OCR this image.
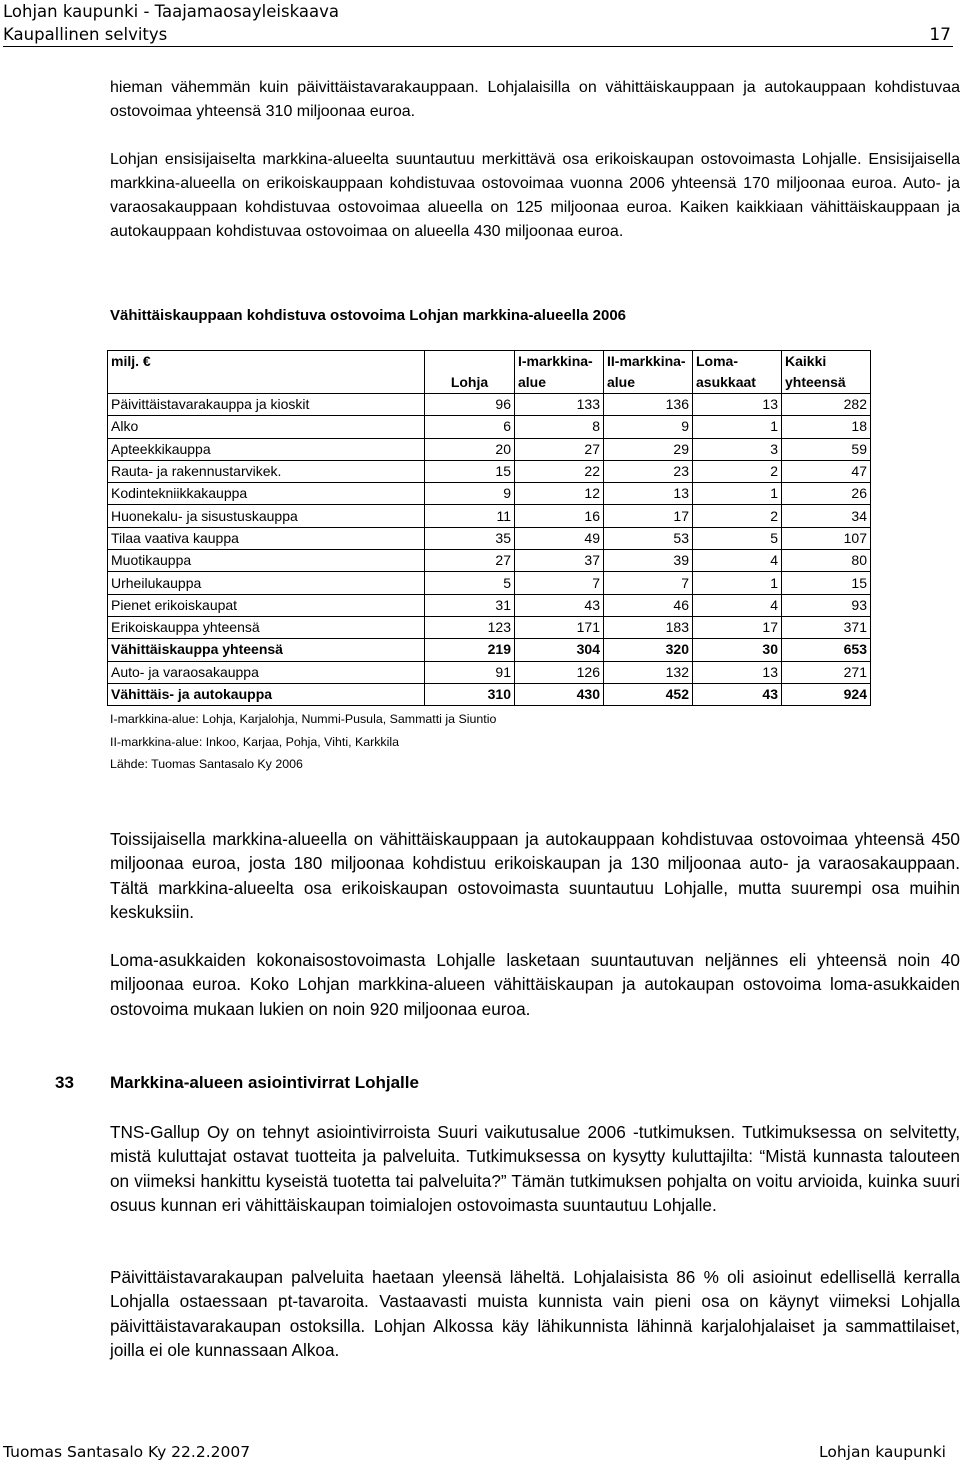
Lohjan kaupunki - Taajamaosayleiskaava
Kaupallinen selvitys	17

hieman vähemmän kuin päivittäistavarakauppaan. Lohjalaisilla on vähittäiskauppaan ja autokauppaan kohdistuvaa ostovoimaa yhteensä 310 miljoonaa euroa.

Lohjan ensisijaiselta markkina-alueelta suuntautuu merkittävä osa erikoiskaupan ostovoimasta Lohjalle. Ensisijaisella markkina-alueella on erikoiskauppaan kohdistuvaa ostovoimaa vuonna 2006 yhteensä 170 miljoonaa euroa. Auto- ja varaosakauppaan kohdistuvaa ostovoimaa alueella on 125 miljoonaa euroa. Kaiken kaikkiaan vähittäiskauppaan ja autokauppaan kohdistuvaa ostovoimaa on alueella 430 miljoonaa euroa.

Vähittäiskauppaan kohdistuva ostovoima Lohjan markkina-alueella 2006

milj. €		I-markkina-	II-markkina-	Loma-	Kaikki
	Lohja	alue	alue	asukkaat	yhteensä
Päivittäistavarakauppa ja kioskit	96	133	136	13	282
Alko	6	8	9	1	18
Apteekkikauppa	20	27	29	3	59
Rauta- ja rakennustarvikek.	15	22	23	2	47
Kodintekniikkakauppa	9	12	13	1	26
Huonekalu- ja sisustuskauppa	11	16	17	2	34
Tilaa vaativa kauppa	35	49	53	5	107
Muotikauppa	27	37	39	4	80
Urheilukauppa	5	7	7	1	15
Pienet erikoiskaupat	31	43	46	4	93
Erikoiskauppa yhteensä	123	171	183	17	371
Vähittäiskauppa yhteensä	219	304	320	30	653
Auto- ja varaosakauppa	91	126	132	13	271
Vähittäis- ja autokauppa	310	430	452	43	924

I-markkina-alue: Lohja, Karjalohja, Nummi-Pusula, Sammatti ja Siuntio

II-markkina-alue: Inkoo, Karjaa, Pohja, Vihti, Karkkila

Lähde: Tuomas Santasalo Ky 2006

Toissijaisella markkina-alueella on vähittäiskauppaan ja autokauppaan kohdistuvaa ostovoimaa yhteensä 450 miljoonaa euroa, josta 180 miljoonaa kohdistuu erikoiskaupan ja 130 miljoonaa auto- ja varaosakauppaan. Tältä markkina-alueelta osa erikoiskaupan ostovoimasta suuntautuu Lohjalle, mutta suurempi osa muihin keskuksiin.

Loma-asukkaiden kokonaisostovoimasta Lohjalle lasketaan suuntautuvan neljännes eli yhteensä noin 40 miljoonaa euroa. Koko Lohjan markkina-alueen vähittäiskaupan ja autokaupan ostovoima loma-asukkaiden ostovoima mukaan lukien on noin 920 miljoonaa euroa.

33 Markkina-alueen asiointivirrat Lohjalle

TNS-Gallup Oy on tehnyt asiointivirroista Suuri vaikutusalue 2006 -tutkimuksen. Tutkimuksessa on selvitetty, mistä kuluttajat ostavat tuotteita ja palveluita. Tutkimuksessa on kysytty kuluttajilta: “Mistä kunnasta talouteen on viimeksi hankittu kyseistä tuotetta tai palveluita?” Tämän tutkimuksen pohjalta on voitu arvioida, kuinka suuri osuus kunnan eri vähittäiskaupan toimialojen ostovoimasta suuntautuu Lohjalle.

Päivittäistavarakaupan palveluita haetaan yleensä läheltä. Lohjalaisista 86 % oli asioinut edellisellä kerralla Lohjalla ostaessaan pt-tavaroita. Vastaavasti muista kunnista vain pieni osa on käynyt viimeksi Lohjalla päivittäistavarakaupan ostoksilla. Lohjan Alkossa käy lähikunnista lähinnä karjalohjalaiset ja sammattilaiset, joilla ei ole kunnassaan Alkoa.

Tuomas Santasalo Ky 22.2.2007	Lohjan kaupunki
